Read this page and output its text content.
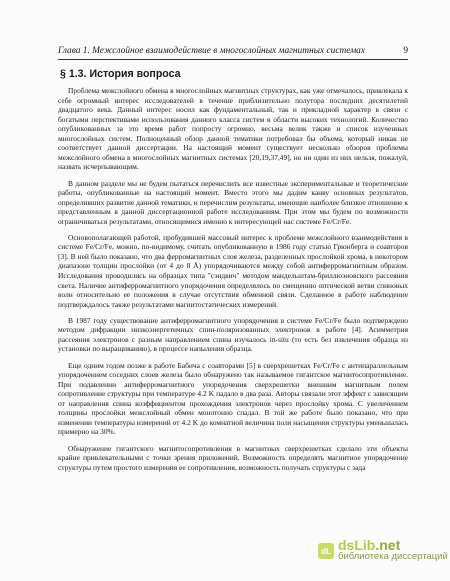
Глава 1. Межслойное взаимодействие в многослойных магнитных системах	9
§ 1.3. История вопроса

Проблема межслойного обмена в многослойных магнитных структурах, как уже отмечалось, привлекала к себе огромный интерес исследователей в течение приблизительно полутора последних десятилетий двадцатого века. Данный интерес носил как фундаментальный, так и прикладной характер в связи с богатыми перспективами использования данного класса систем в области высоких технологий. Количество опубликованных за это время работ попросту огромно, весьма велик также и список изученных многослойных систем. Полноценный обзор данной тематики потребовал бы объема, который никак не соответствует данной диссертации. На настоящий момент существует несколько обзоров проблемы межслойного обмена в многослойных магнитных системах [20,19,37,49], но ни один из них нельзя, пожалуй, назвать исчерпывающим.

В данном разделе мы не будем пытаться перечислить все известные экспериментальные и теоретические работы, опубликованные на настоящий момент. Вместо этого мы дадим канву основных результатов, определивших развитие данной тематики, и перечислим результаты, имеющие наиболее близкое отношение к представленным в данной диссертационной работе исследованиям. При этом мы будем по возможности ограничиваться результатами, относящимися именно к интересующей нас системе Fe/Cr/Fe.

Основополагающей работой, пробудившей массовый интерес к проблеме межслойного взаимодействия в системе Fe/Cr/Fe, можно, по-видимому, считать опубликованную в 1986 году статью Грюнберга и соавторов [3]. В ней было показано, что два ферромагнитных слоя железа, разделенных прослойкой хрома, в некотором диапазоне толщин прослойки (от 4 до 8 Å) упорядочиваются между собой антиферромагнитным образом. Исследования проводились на образцах типа "сэндвич" методом мандельштам-бриллюэновского рассеяния света. Наличие антиферромагнитного упорядочения определялось по смещению оптической ветви спиновых волн относительно ее положения в случае отсутствия обменной связи. Сделанное в работе наблюдение подтверждалось также результатами магнитостатических измерений.

В 1987 году существование антиферромагнитного упорядочения в системе Fe/Cr/Fe было подтверждено методом дифракции низкоэнергетичных спин-поляризованных электронов в работе [4]. Асимметрия рассеяния электронов с разным направлением спина изучалось in-situ (то есть без извлечения образца из установки по выращиванию), в процессе напыления образца.

Еще одним годом позже в работе Бабича с соавторами [5] в сверхрешетках Fe/Cr/Fe с антипараллельным упорядочением соседних слоев железа было обнаружено так называемое гигантское магнитосопротивление. При подавлении антиферромагнитного упорядочения сверхрешетки внешним магнитным полем сопротивление структуры при температуре 4.2 K падало в два раза. Авторы связали этот эффект с зависящим от направления спина коэффициентом прохождения электронов через прослойку хрома. С увеличением толщины прослойки межслойный обмен монотонно спадал. В той же работе было показано, что при изменении температуры измерений от 4.2 K до комнатной величина поля насыщения структуры уменьшалась примерно на 30%.

Обнаружение гигантского магнитосопротивления в магнитных сверхрешетках сделало эти объекты крайне привлекательными с точки зрения приложений. Возможность определять магнитное упорядочение структуры путем простого измерения ее сопротивления, возможность получать структуры с зада

dL dsLib.net
библиотека диссертаций
